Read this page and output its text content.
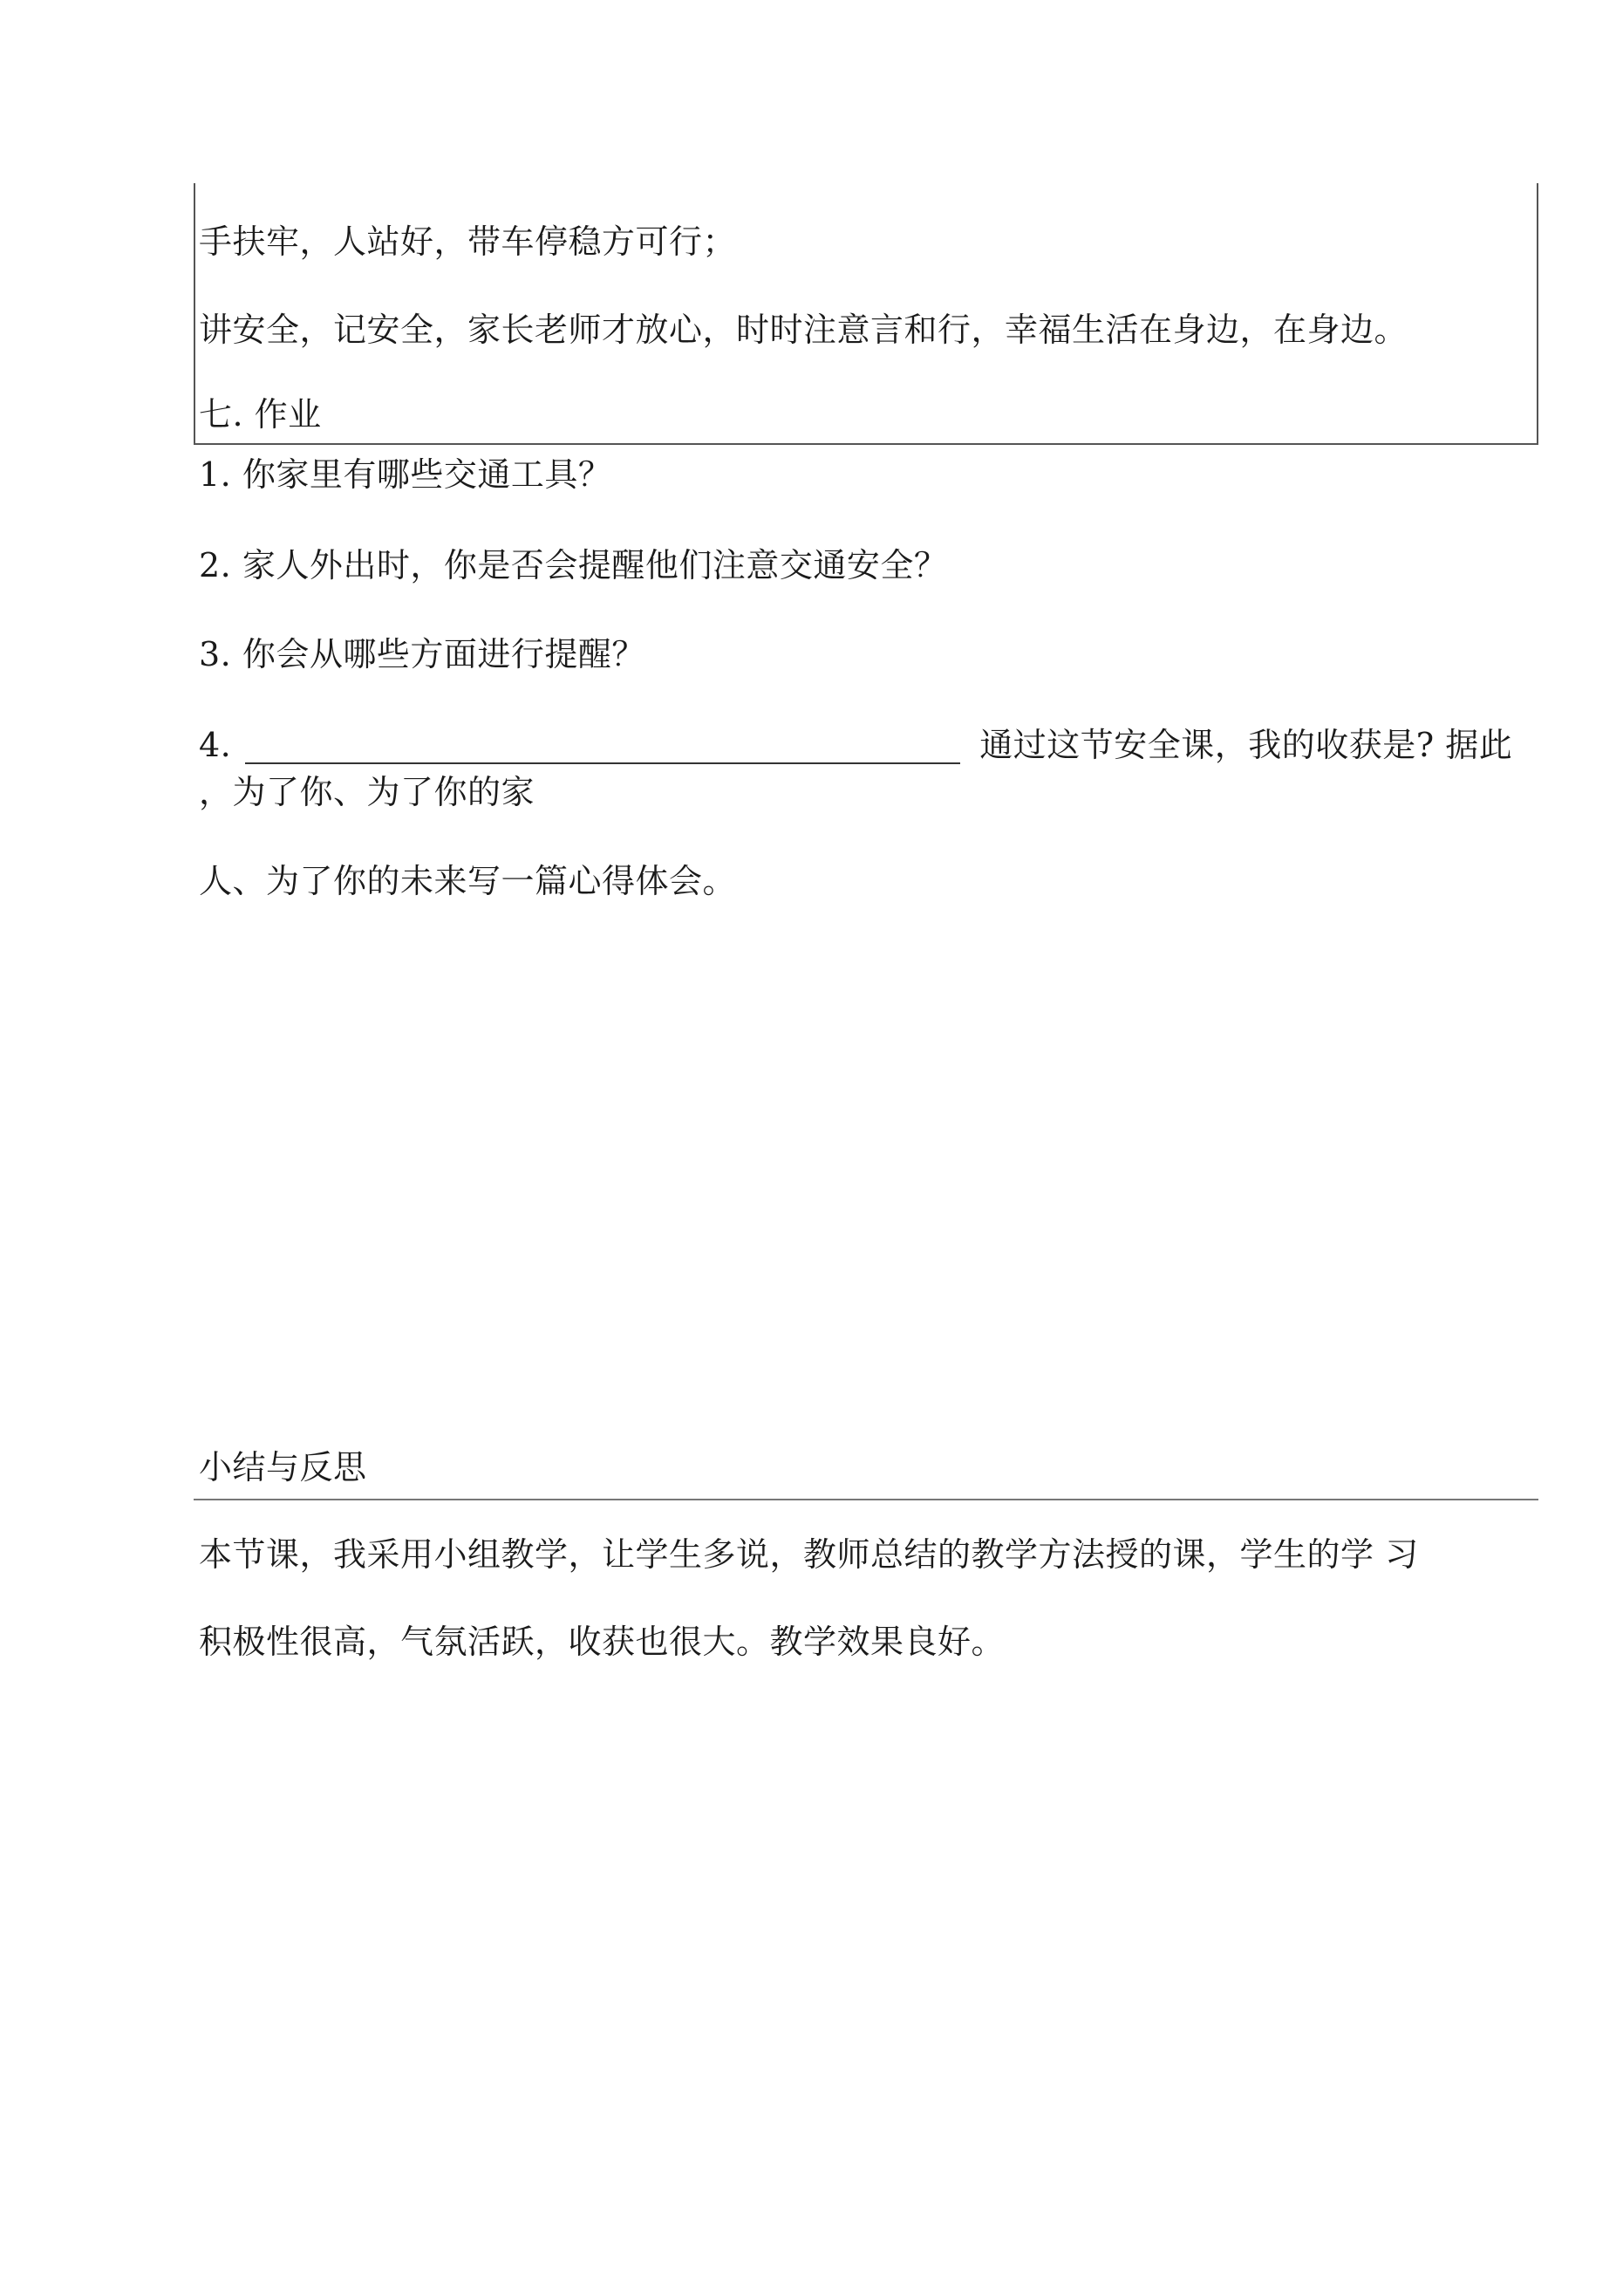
手扶牢，人站好，带车停稳方可行；
讲安全，记安全，家长老师才放心，时时注意言和行，幸福生活在身边，在身边。
七. 作业
1. 你家里有哪些交通工具？
2. 家人外出时，你是否会提醒他们注意交通安全？
3. 你会从哪些方面进行提醒？
4.	通过这节安全课，我的收获是? 据此
，为了你、为了你的家
人、为了你的未来写一篇心得体会。
小结与反思
本节课，我采用小组教学，让学生多说，教师总结的教学方法授的课，学生的学 习
积极性很高，气氛活跃，收获也很大。教学效果良好。
